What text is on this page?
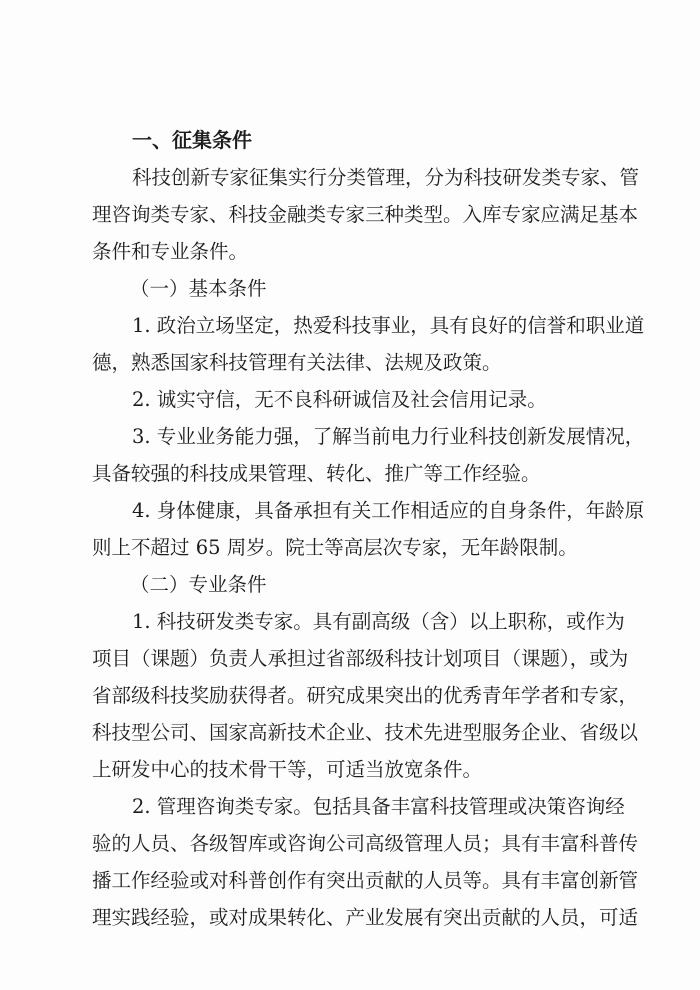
一、征集条件
科技创新专家征集实行分类管理，分为科技研发类专家、管
理咨询类专家、科技金融类专家三种类型。入库专家应满足基本
条件和专业条件。
（一）基本条件
1. 政治立场坚定，热爱科技事业，具有良好的信誉和职业道
德，熟悉国家科技管理有关法律、法规及政策。
2. 诚实守信，无不良科研诚信及社会信用记录。
3. 专业业务能力强，了解当前电力行业科技创新发展情况，
具备较强的科技成果管理、转化、推广等工作经验。
4. 身体健康，具备承担有关工作相适应的自身条件，年龄原
则上不超过 65 周岁。院士等高层次专家，无年龄限制。
（二）专业条件
1. 科技研发类专家。具有副高级（含）以上职称，或作为
项目（课题）负责人承担过省部级科技计划项目（课题），或为
省部级科技奖励获得者。研究成果突出的优秀青年学者和专家，
科技型公司、国家高新技术企业、技术先进型服务企业、省级以
上研发中心的技术骨干等，可适当放宽条件。
2. 管理咨询类专家。包括具备丰富科技管理或决策咨询经
验的人员、各级智库或咨询公司高级管理人员；具有丰富科普传
播工作经验或对科普创作有突出贡献的人员等。具有丰富创新管
理实践经验，或对成果转化、产业发展有突出贡献的人员，可适
